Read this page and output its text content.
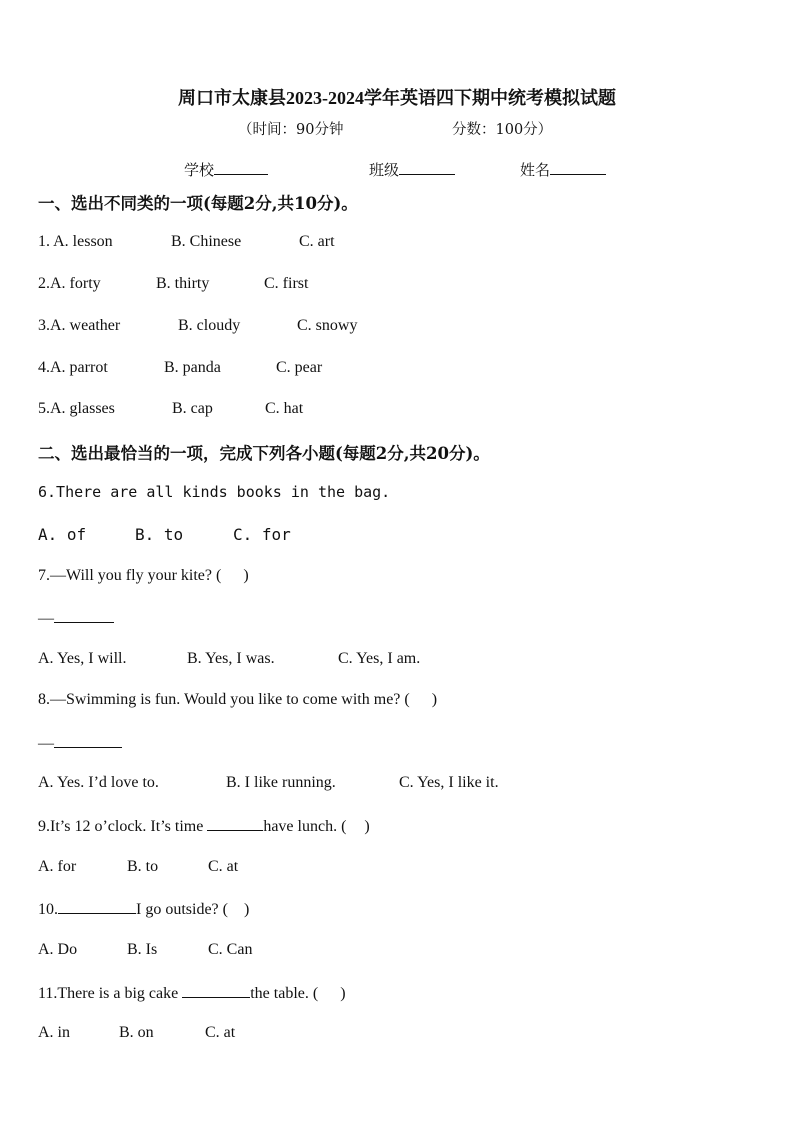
周口市太康县2023-2024学年英语四下期中统考模拟试题
（时间：90分钟	分数：100分）
学校	班级	姓名
一、选出不同类的一项(每题2分,共10分)。
1. A. lesson	B. Chinese	C. art
2.A. forty	B. thirty	C. first
3.A. weather	B. cloudy	C. snowy
4.A. parrot	B. panda	C. pear
5.A. glasses	B. cap	C. hat
二、选出最恰当的一项，完成下列各小题(每题2分,共20分)。
6.There are all kinds books in the bag.
A. of	B. to	C. for
7.—Will you fly your kite? ( )
—
A. Yes, I will.	B. Yes, I was.	C. Yes, I am.
8.—Swimming is fun. Would you like to come with me? ( )
—
A. Yes. I’d love to.	B. I like running.	C. Yes, I like it.
9.It’s 12 o’clock. It’s time	have lunch. ( )
A. for	B. to	C. at
10.	I go outside? ( )
A. Do	B. Is	C. Can
11.There is a big cake	the table. ( )
A. in	B. on	C. at
